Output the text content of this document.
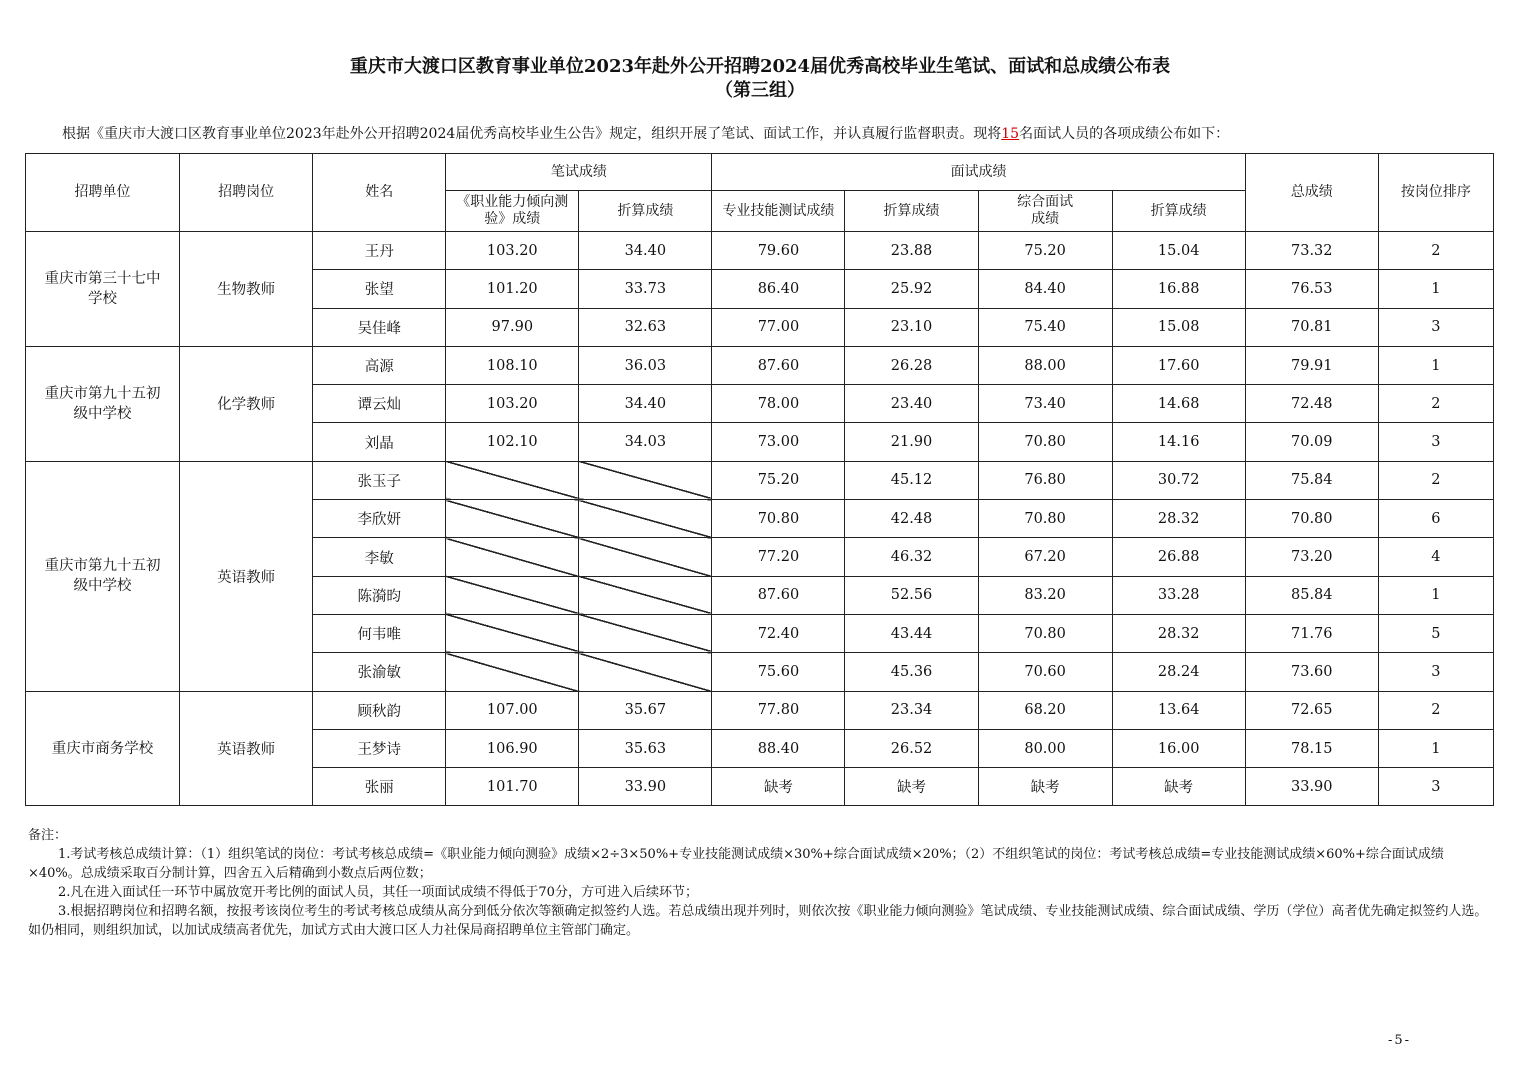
重庆市大渡口区教育事业单位2023年赴外公开招聘2024届优秀高校毕业生笔试、面试和总成绩公布表
（第三组）
根据《重庆市大渡口区教育事业单位2023年赴外公开招聘2024届优秀高校毕业生公告》规定，组织开展了笔试、面试工作，并认真履行监督职责。现将15名面试人员的各项成绩公布如下：
招聘单位	招聘岗位	姓名	笔试成绩		面试成绩				总成绩	按岗位排序
			《职业能力倾向测
验》成绩	折算成绩	专业技能测试成绩	折算成绩	综合面试
成绩	折算成绩		
重庆市第三十七中
学校	生物教师	王丹	103.20	34.40	79.60	23.88	75.20	15.04	73.32	2
		张望	101.20	33.73	86.40	25.92	84.40	16.88	76.53	1
		吴佳峰	97.90	32.63	77.00	23.10	75.40	15.08	70.81	3
重庆市第九十五初
级中学校	化学教师	高源	108.10	36.03	87.60	26.28	88.00	17.60	79.91	1
		谭云灿	103.20	34.40	78.00	23.40	73.40	14.68	72.48	2
		刘晶	102.10	34.03	73.00	21.90	70.80	14.16	70.09	3
重庆市第九十五初
级中学校	英语教师	张玉子			75.20	45.12	76.80	30.72	75.84	2
		李欣妍			70.80	42.48	70.80	28.32	70.80	6
		李敏			77.20	46.32	67.20	26.88	73.20	4
		陈漪昀			87.60	52.56	83.20	33.28	85.84	1
		何韦唯			72.40	43.44	70.80	28.32	71.76	5
		张渝敏			75.60	45.36	70.60	28.24	73.60	3
重庆市商务学校	英语教师	顾秋韵	107.00	35.67	77.80	23.34	68.20	13.64	72.65	2
		王梦诗	106.90	35.63	88.40	26.52	80.00	16.00	78.15	1
		张丽	101.70	33.90	缺考	缺考	缺考	缺考	33.90	3

备注：

1.考试考核总成绩计算：（1）组织笔试的岗位：考试考核总成绩=《职业能力倾向测验》成绩×2÷3×50%+专业技能测试成绩×30%+综合面试成绩×20%；（2）不组织笔试的岗位：考试考核总成绩=专业技能测试成绩×60%+综合面试成绩×40%。总成绩采取百分制计算，四舍五入后精确到小数点后两位数；

2.凡在进入面试任一环节中属放宽开考比例的面试人员，其任一项面试成绩不得低于70分，方可进入后续环节；

3.根据招聘岗位和招聘名额，按报考该岗位考生的考试考核总成绩从高分到低分依次等额确定拟签约人选。若总成绩出现并列时，则依次按《职业能力倾向测验》笔试成绩、专业技能测试成绩、综合面试成绩、学历（学位）高者优先确定拟签约人选。如仍相同，则组织加试，以加试成绩高者优先，加试方式由大渡口区人力社保局商招聘单位主管部门确定。

-5-
